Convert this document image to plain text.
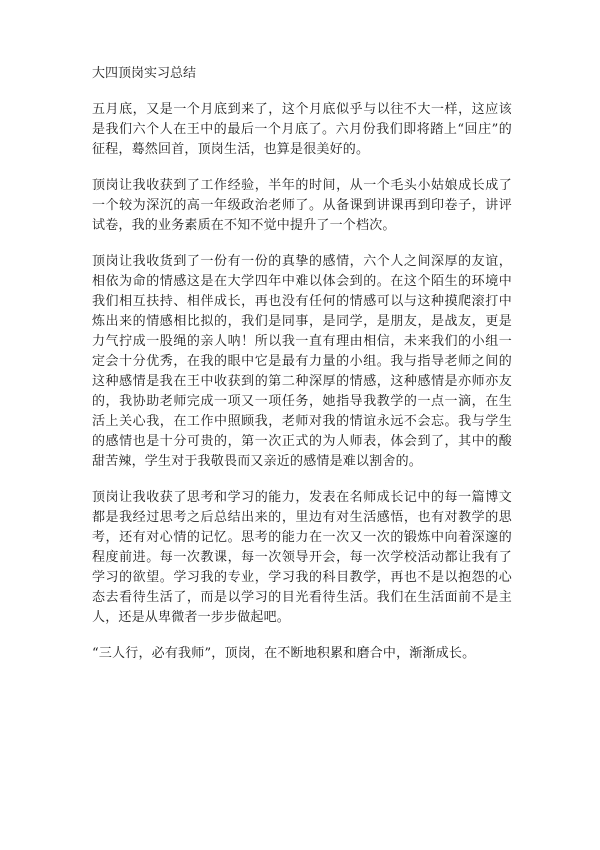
大四顶岗实习总结

五月底，又是一个月底到来了，这个月底似乎与以往不大一样，这应该是我们六个人在王中的最后一个月底了。六月份我们即将踏上“回庄”的征程，蓦然回首，顶岗生活，也算是很美好的。

顶岗让我收获到了工作经验，半年的时间，从一个毛头小姑娘成长成了一个较为深沉的高一年级政治老师了。从备课到讲课再到印卷子，讲评试卷，我的业务素质在不知不觉中提升了一个档次。

顶岗让我收货到了一份有一份的真挚的感情，六个人之间深厚的友谊，相依为命的情感这是在大学四年中难以体会到的。在这个陌生的环境中我们相互扶持、相伴成长，再也没有任何的情感可以与这种摸爬滚打中炼出来的情感相比拟的，我们是同事，是同学，是朋友，是战友，更是力气拧成一股绳的亲人呐！所以我一直有理由相信，未来我们的小组一定会十分优秀，在我的眼中它是最有力量的小组。我与指导老师之间的这种感情是我在王中收获到的第二种深厚的情感，这种感情是亦师亦友的，我协助老师完成一项又一项任务，她指导我教学的一点一滴，在生活上关心我，在工作中照顾我，老师对我的情谊永远不会忘。我与学生的感情也是十分可贵的，第一次正式的为人师表，体会到了，其中的酸甜苦辣，学生对于我敬畏而又亲近的感情是难以割舍的。

顶岗让我收获了思考和学习的能力，发表在名师成长记中的每一篇博文都是我经过思考之后总结出来的，里边有对生活感悟，也有对教学的思考，还有对心情的记忆。思考的能力在一次又一次的锻炼中向着深邃的程度前进。每一次教课，每一次领导开会，每一次学校活动都让我有了学习的欲望。学习我的专业，学习我的科目教学，再也不是以抱怨的心态去看待生活了，而是以学习的目光看待生活。我们在生活面前不是主人，还是从卑微者一步步做起吧。

“三人行，必有我师”，顶岗，在不断地积累和磨合中，渐渐成长。
